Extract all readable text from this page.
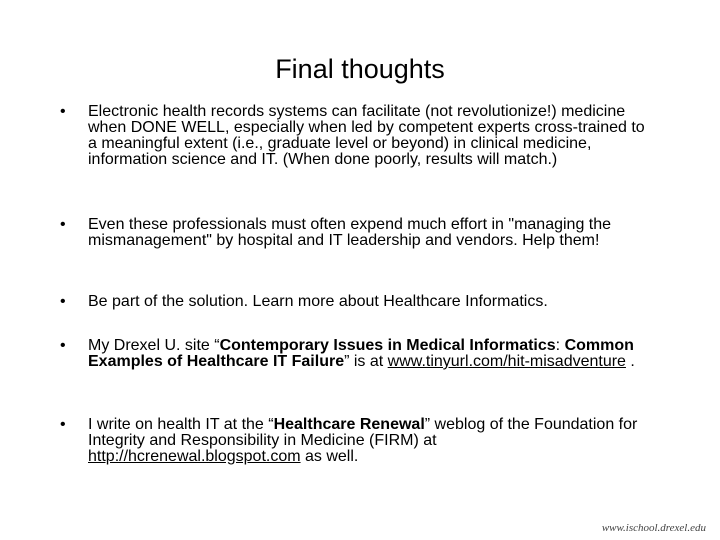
Final thoughts
•	Electronic health records systems can facilitate (not revolutionize!) medicine when DONE WELL, especially when led by competent experts cross-trained to a meaningful extent (i.e., graduate level or beyond) in clinical medicine, information science and IT. (When done poorly, results will match.)
•	Even these professionals must often expend much effort in "managing the mismanagement" by hospital and IT leadership and vendors. Help them!
•	Be part of the solution. Learn more about Healthcare Informatics.
•	My Drexel U. site “Contemporary Issues in Medical Informatics: Common Examples of Healthcare IT Failure” is at www.tinyurl.com/hit-misadventure .
•	I write on health IT at the “Healthcare Renewal” weblog of the Foundation for Integrity and Responsibility in Medicine (FIRM) at http://hcrenewal.blogspot.com as well.
www.ischool.drexel.edu
